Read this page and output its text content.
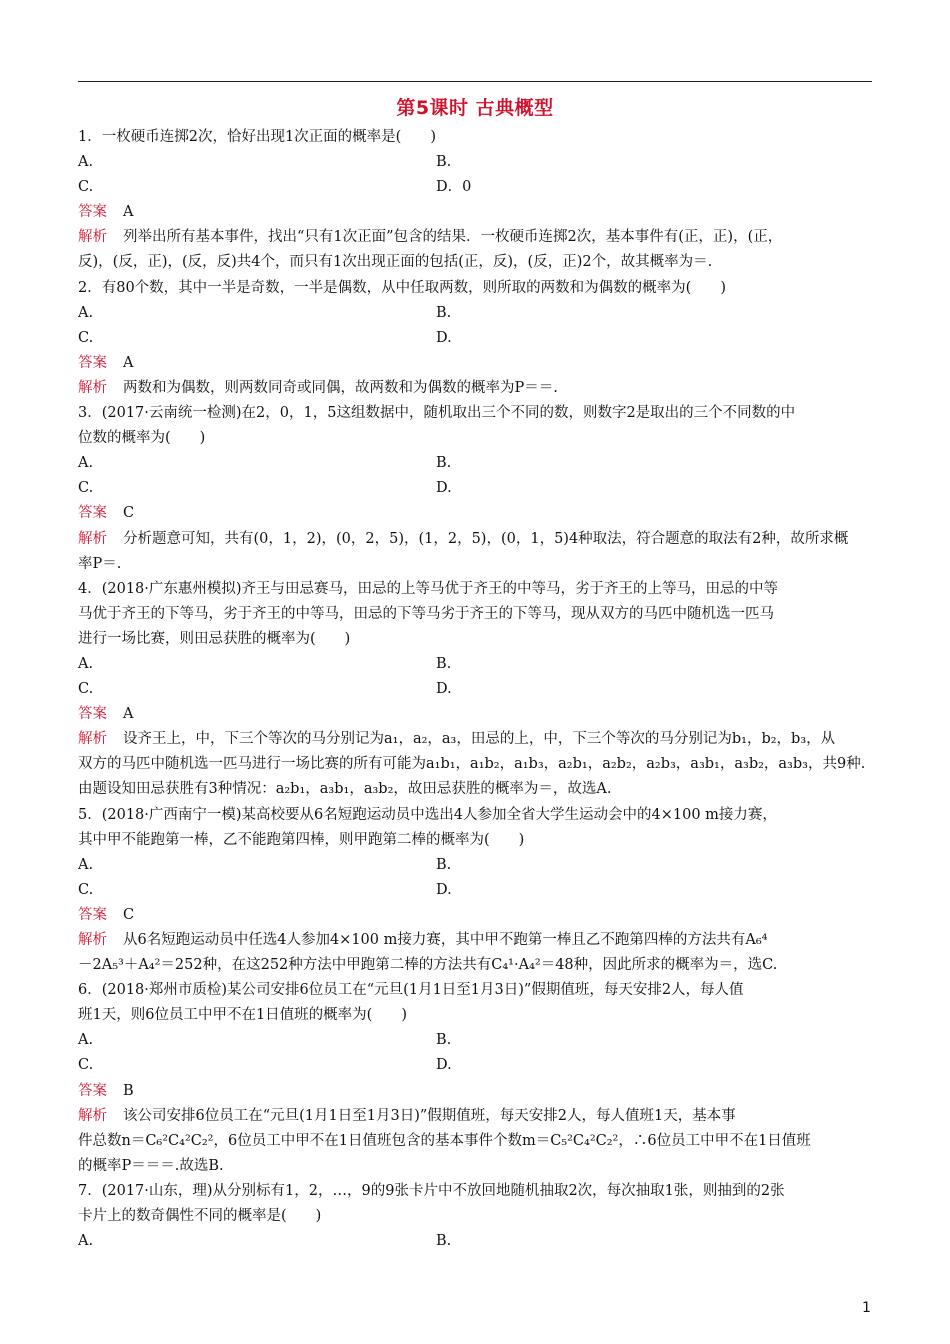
第5课时 古典概型
1．一枚硬币连掷2次，恰好出现1次正面的概率是(　　)
A.	B.
C.	D．0
答案 A
解析 列举出所有基本事件，找出“只有1次正面”包含的结果．一枚硬币连掷2次，基本事件有(正，正)，(正，
反)，(反，正)，(反，反)共4个，而只有1次出现正面的包括(正，反)，(反，正)2个，故其概率为＝.
2．有80个数，其中一半是奇数，一半是偶数，从中任取两数，则所取的两数和为偶数的概率为(　　)
A.	B.
C.	D.
答案 A
解析 两数和为偶数，则两数同奇或同偶，故两数和为偶数的概率为P＝＝.
3．(2017·云南统一检测)在2，0，1，5这组数据中，随机取出三个不同的数，则数字2是取出的三个不同数的中
位数的概率为(　　)
A.	B.
C.	D.
答案 C
解析 分析题意可知，共有(0，1，2)，(0，2，5)，(1，2，5)，(0，1，5)4种取法，符合题意的取法有2种，故所求概
率P＝.
4．(2018·广东惠州模拟)齐王与田忌赛马，田忌的上等马优于齐王的中等马，劣于齐王的上等马，田忌的中等
马优于齐王的下等马，劣于齐王的中等马，田忌的下等马劣于齐王的下等马，现从双方的马匹中随机选一匹马
进行一场比赛，则田忌获胜的概率为(　　)
A.	B.
C.	D.
答案 A
解析 设齐王上，中，下三个等次的马分别记为a₁，a₂，a₃，田忌的上，中，下三个等次的马分别记为b₁，b₂，b₃，从
双方的马匹中随机选一匹马进行一场比赛的所有可能为a₁b₁，a₁b₂，a₁b₃，a₂b₁，a₂b₂，a₂b₃，a₃b₁，a₃b₂，a₃b₃，共9种.
由题设知田忌获胜有3种情况：a₂b₁，a₃b₁，a₃b₂，故田忌获胜的概率为＝，故选A.
5．(2018·广西南宁一模)某高校要从6名短跑运动员中选出4人参加全省大学生运动会中的4×100 m接力赛，
其中甲不能跑第一棒，乙不能跑第四棒，则甲跑第二棒的概率为(　　)
A.	B.
C.	D.
答案 C
解析 从6名短跑运动员中任选4人参加4×100 m接力赛，其中甲不跑第一棒且乙不跑第四棒的方法共有A₆⁴
－2A₅³＋A₄²＝252种，在这252种方法中甲跑第二棒的方法共有C₄¹·A₄²＝48种，因此所求的概率为＝，选C.
6．(2018·郑州市质检)某公司安排6位员工在“元旦(1月1日至1月3日)”假期值班，每天安排2人，每人值
班1天，则6位员工中甲不在1日值班的概率为(　　)
A.	B.
C.	D.
答案 B
解析 该公司安排6位员工在“元旦(1月1日至1月3日)”假期值班，每天安排2人，每人值班1天，基本事
件总数n＝C₆²C₄²C₂²，6位员工中甲不在1日值班包含的基本事件个数m＝C₅²C₄²C₂²，∴6位员工中甲不在1日值班
的概率P＝＝＝.故选B.
7．(2017·山东，理)从分别标有1，2，…，9的9张卡片中不放回地随机抽取2次，每次抽取1张，则抽到的2张
卡片上的数奇偶性不同的概率是(　　)
A.	B.
1
